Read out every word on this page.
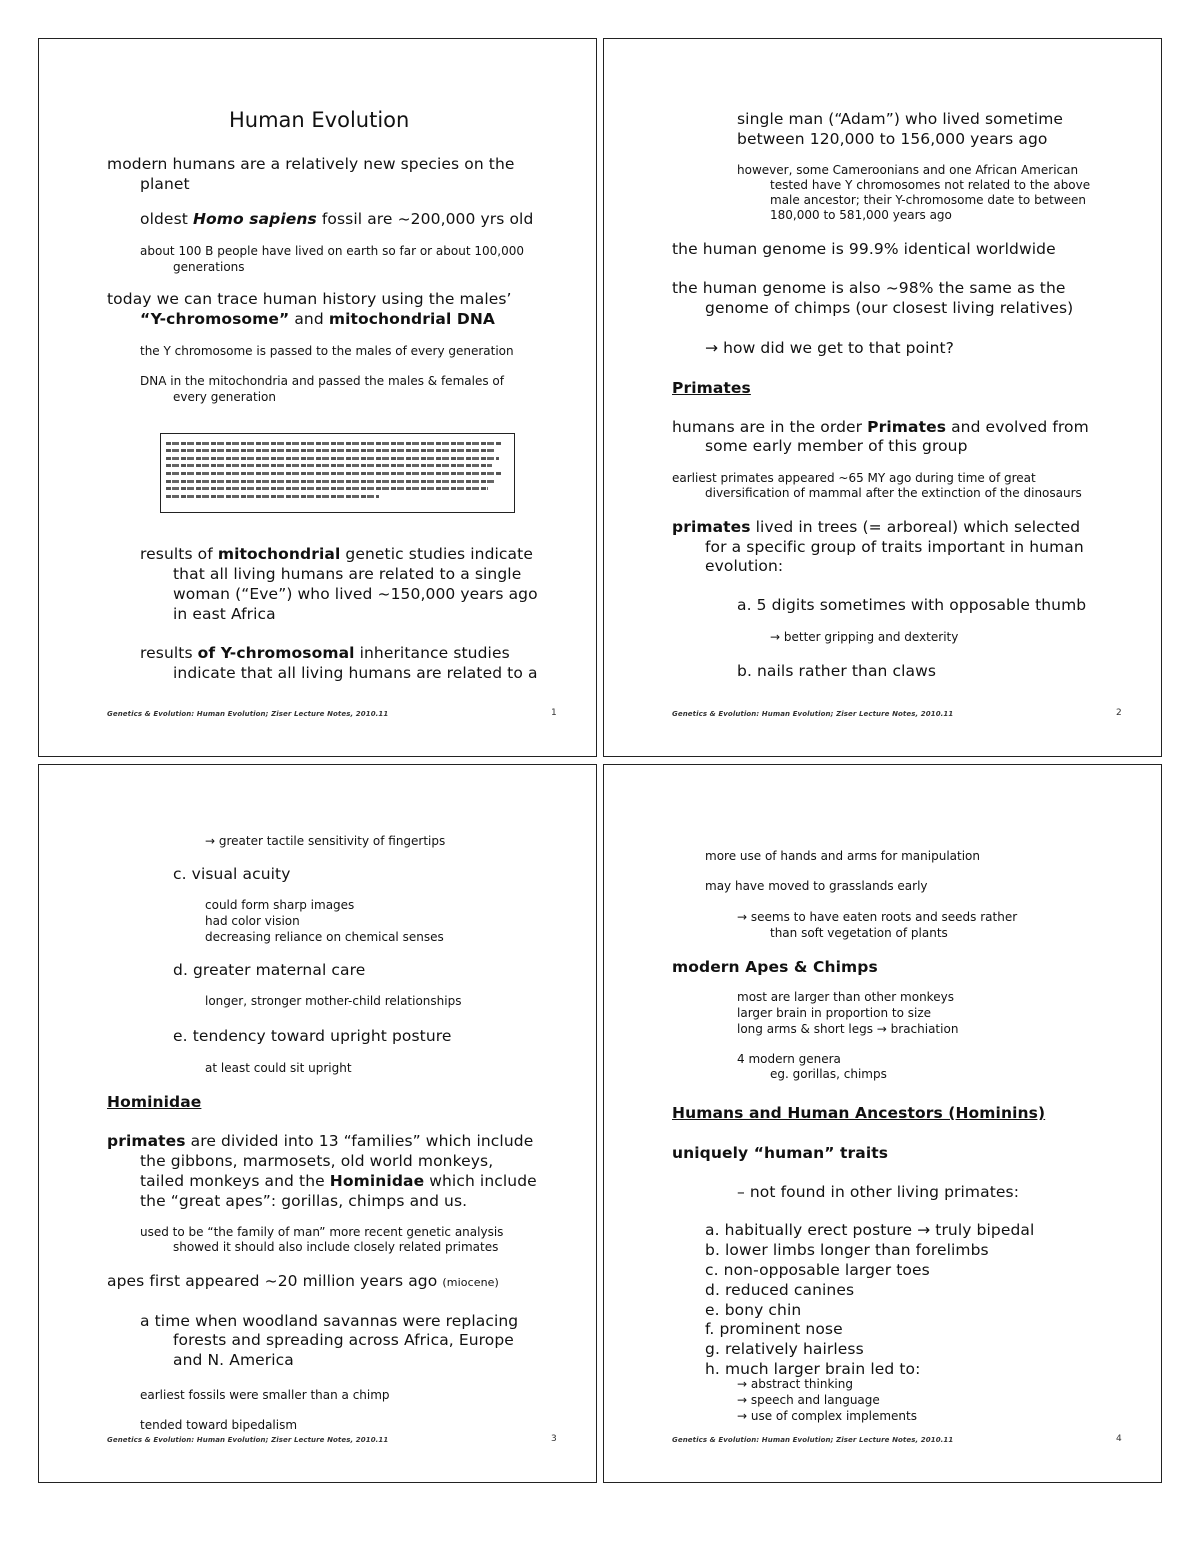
Human Evolution
modern humans are a relatively new species on the
planet
oldest Homo sapiens fossil are ~200,000 yrs old
about 100 B people have lived on earth so far or about 100,000
generations
today we can trace human history using the males’
“Y-chromosome” and mitochondrial DNA
the Y chromosome is passed to the males of every generation
DNA in the mitochondria and passed the males & females of
every generation
results of mitochondrial genetic studies indicate
that all living humans are related to a single
woman (“Eve”) who lived ~150,000 years ago
in east Africa
results of Y-chromosomal inheritance studies
indicate that all living humans are related to a
Genetics & Evolution: Human Evolution; Ziser Lecture Notes, 2010.11	1
single man (“Adam”) who lived sometime
between 120,000 to 156,000 years ago
however, some Cameroonians and one African American
tested have Y chromosomes not related to the above
male ancestor; their Y-chromosome date to between
180,000 to 581,000 years ago
the human genome is 99.9% identical worldwide
the human genome is also ~98% the same as the
genome of chimps (our closest living relatives)
→ how did we get to that point?
Primates
humans are in the order Primates and evolved from
some early member of this group
earliest primates appeared ~65 MY ago during time of great
diversification of mammal after the extinction of the dinosaurs
primates lived in trees (= arboreal) which selected
for a specific group of traits important in human
evolution:
a. 5 digits sometimes with opposable thumb
→ better gripping and dexterity
b. nails rather than claws
Genetics & Evolution: Human Evolution; Ziser Lecture Notes, 2010.11	2
→ greater tactile sensitivity of fingertips
c. visual acuity
could form sharp images
had color vision
decreasing reliance on chemical senses
d. greater maternal care
longer, stronger mother-child relationships
e. tendency toward upright posture
at least could sit upright
Hominidae
primates are divided into 13 “families” which include
the gibbons, marmosets, old world monkeys,
tailed monkeys and the Hominidae which include
the “great apes”: gorillas, chimps and us.
used to be “the family of man” more recent genetic analysis
showed it should also include closely related primates
apes first appeared ~20 million years ago (miocene)
a time when woodland savannas were replacing
forests and spreading across Africa, Europe
and N. America
earliest fossils were smaller than a chimp
tended toward bipedalism
Genetics & Evolution: Human Evolution; Ziser Lecture Notes, 2010.11	3
more use of hands and arms for manipulation
may have moved to grasslands early
→ seems to have eaten roots and seeds rather
than soft vegetation of plants
modern Apes & Chimps
most are larger than other monkeys
larger brain in proportion to size
long arms & short legs → brachiation
4 modern genera
eg. gorillas, chimps
Humans and Human Ancestors (Hominins)
uniquely “human” traits
– not found in other living primates:
a. habitually erect posture → truly bipedal
b. lower limbs longer than forelimbs
c. non-opposable larger toes
d. reduced canines
e. bony chin
f. prominent nose
g. relatively hairless
h. much larger brain led to:
→ abstract thinking
→ speech and language
→ use of complex implements
Genetics & Evolution: Human Evolution; Ziser Lecture Notes, 2010.11	4
